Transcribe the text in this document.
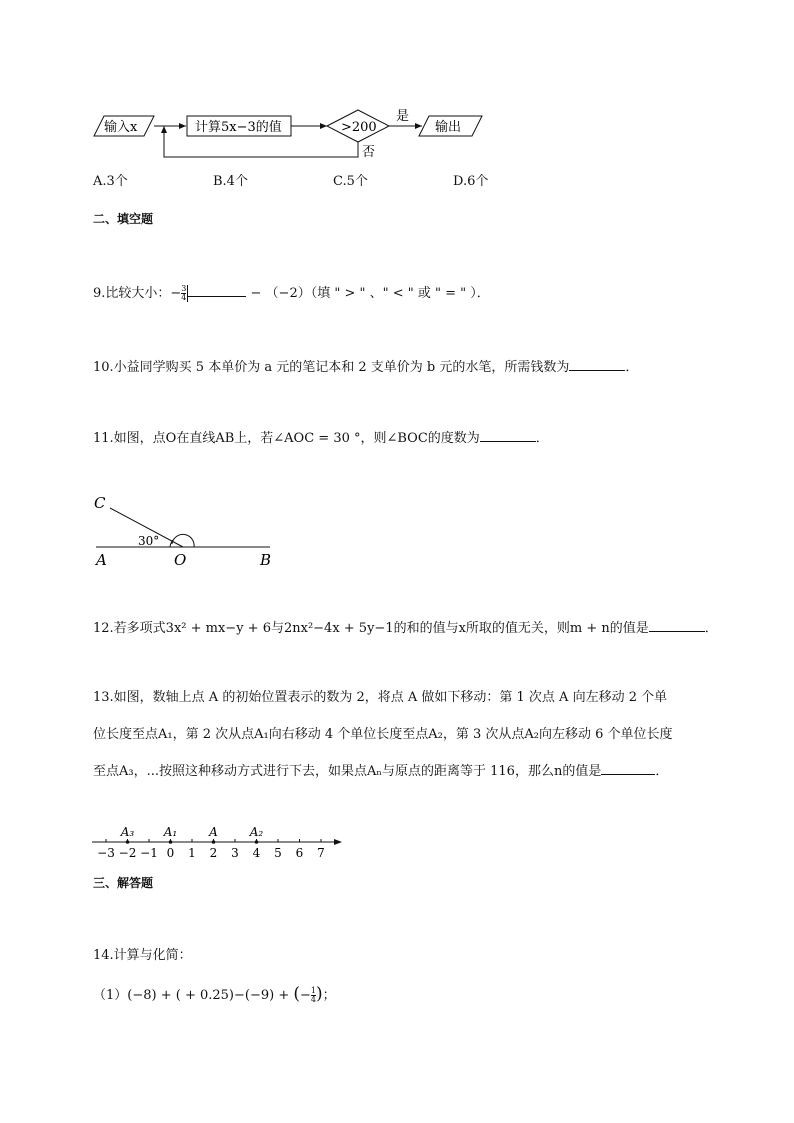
输入x	计算5x−3的值	>200
是
输出
否
A.3个	B.4个	C.5个	D.6个
二、填空题
9.比较大小：− $\frac{3}{4}$	− （−2）（填 " > " 、" < " 或 " = " ）．
10.小益同学购买 5 本单价为 a 元的笔记本和 2 支单价为 b 元的水笔，所需钱数为	．
11.如图，点O在直线AB上，若∠AOC = 30 °，则∠BOC的度数为	．
C
30°
A	O	B
12.若多项式3x² + mx−y + 6与2nx²−4x + 5y−1的和的值与x所取的值无关，则m + n的值是	．
13.如图，数轴上点 A 的初始位置表示的数为 2，将点 A 做如下移动：第 1 次点 A 向左移动 2 个单
位长度至点A₁，第 2 次从点A₁向右移动 4 个单位长度至点A₂，第 3 次从点A₂向左移动 6 个单位长度
至点A₃，...按照这种移动方式进行下去，如果点Aₙ与原点的距离等于 116，那么n的值是	．
−3 −2 −1 0 1 2 3 4 5 6 7
A₃ A₁	A	A₂
三、解答题
14.计算与化简：
（1）(−8) + ( + 0.25)−(−9) + (− $\frac{1}{4}$ )；
